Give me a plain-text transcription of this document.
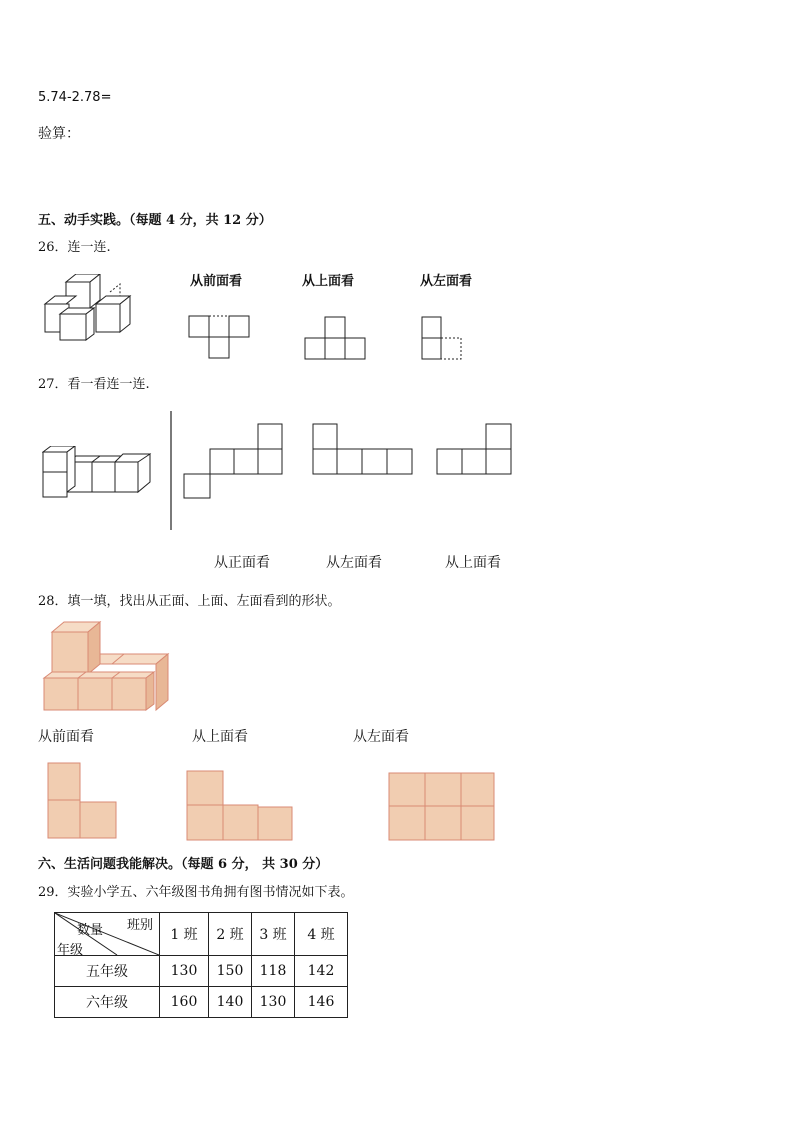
5.74-2.78=
验算：
五、动手实践。（每题 4 分，共 12 分）
26．连一连.
从前面看	从上面看	从左面看
27．看一看连一连.
从正面看	从左面看	从上面看
28．填一填，找出从正面、上面、左面看到的形状。
从前面看	从上面看	从左面看
六、生活问题我能解决。（每题 6 分， 共 30 分）
29．实验小学五、六年级图书角拥有图书情况如下表。
班别
数量
年级	1 班	2 班	3 班	4 班
五年级	130	150	118	142
六年级	160	140	130	146
